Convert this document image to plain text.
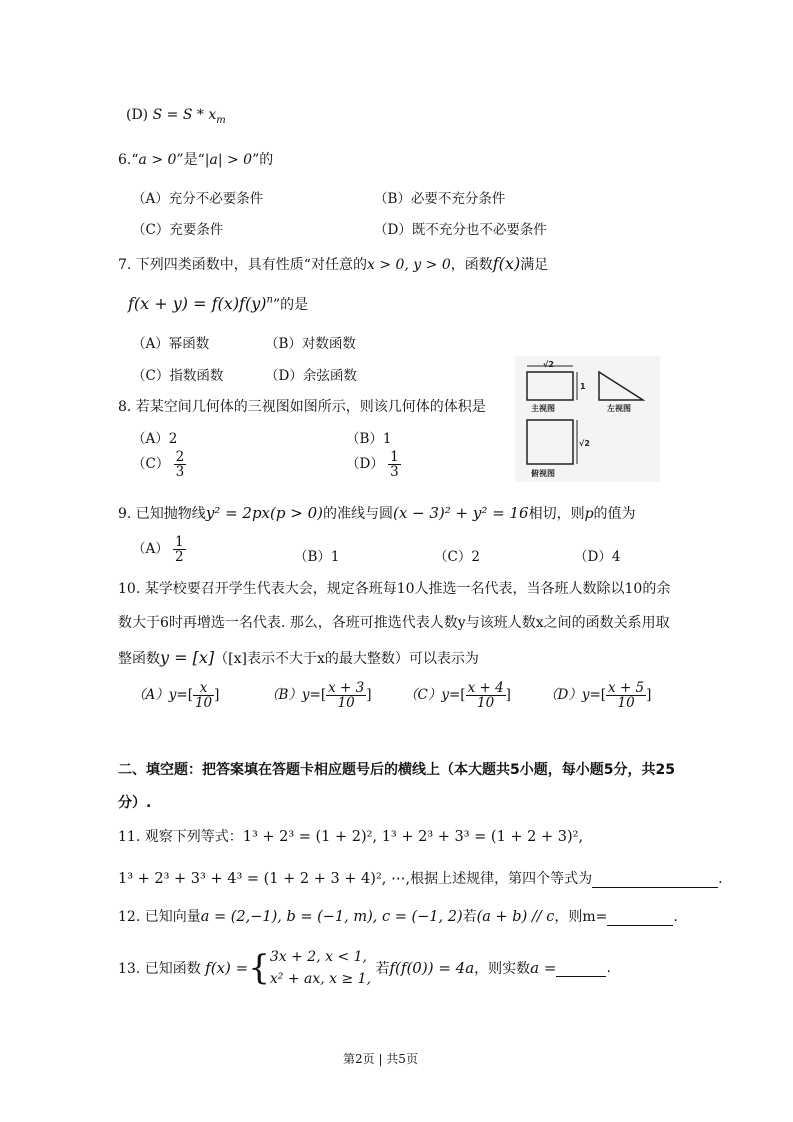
(D) $S = S * x_m$
6.“a > 0”是“|a| > 0”的
（A）充分不必要条件	（B）必要不充分条件
（C）充要条件	（D）既不充分也不必要条件
7. 下列四类函数中，具有性质“对任意的x > 0, y > 0，函数f(x)满足
$f(x + y) = f(x)f(y)^n$”的是
（A）幂函数	（B）对数函数
（C）指数函数	（D）余弦函数
8. 若某空间几何体的三视图如图所示，则该几何体的体积是
（A）2	（B）1
$(C) \frac{2}{3}$	$(D) \frac{1}{3}$
√2
1
主视图	左视图
√2
俯视图
9. 已知抛物线y² = 2px(p > 0)的准线与圆(x − 3)² + y² = 16相切，则p的值为
$(A) \frac{1}{2}$	（B）1	（C）2	（D）4
10. 某学校要召开学生代表大会，规定各班每10人推选一名代表，当各班人数除以10的余
数大于6时再增选一名代表. 那么，各班可推选代表人数y与该班人数x之间的函数关系用取
整函数y = [x]（[x]表示不大于x的最大整数）可以表示为
$(A)y=[ \frac{x}{10}$ ]	$(B)y=[ \frac{x + 3}{10}$ ] $(C)y=[ \frac{x + 4}{10}$ ] $(D)y=[ \frac{x + 5}{10}$ ]
二、填空题：把答案填在答题卡相应题号后的横线上（本大题共5小题，每小题5分，共25
分）.
11. 观察下列等式：1³ + 2³ = (1 + 2)², 1³ + 2³ + 3³ = (1 + 2 + 3)²,
1³ + 2³ + 3³ + 4³ = (1 + 2 + 3 + 4)², ⋯,根据上述规律，第四个等式为	.
12. 已知向量a = (2,−1), b = (−1, m), c = (−1, 2)若(a + b) // c，则m=	.
13. 已知函数 f(x) ={ 3x + 2, x < 1,
x² + ax, x ≥ 1,
若f(f(0)) = 4a，则实数a =	.
第2页 | 共5页
